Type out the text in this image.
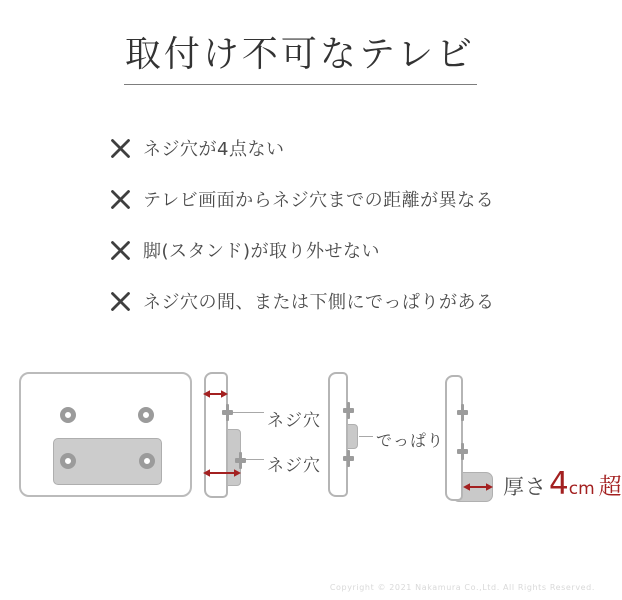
取付け不可なテレビ
ネジ穴が4点ない
テレビ画面からネジ穴までの距離が異なる
脚(スタンド)が取り外せない
ネジ穴の間、または下側にでっぱりがある
ネジ穴
ネジ穴
でっぱり
厚さ 4 cm 超
Copyright © 2021 Nakamura Co.,Ltd. All Rights Reserved.
